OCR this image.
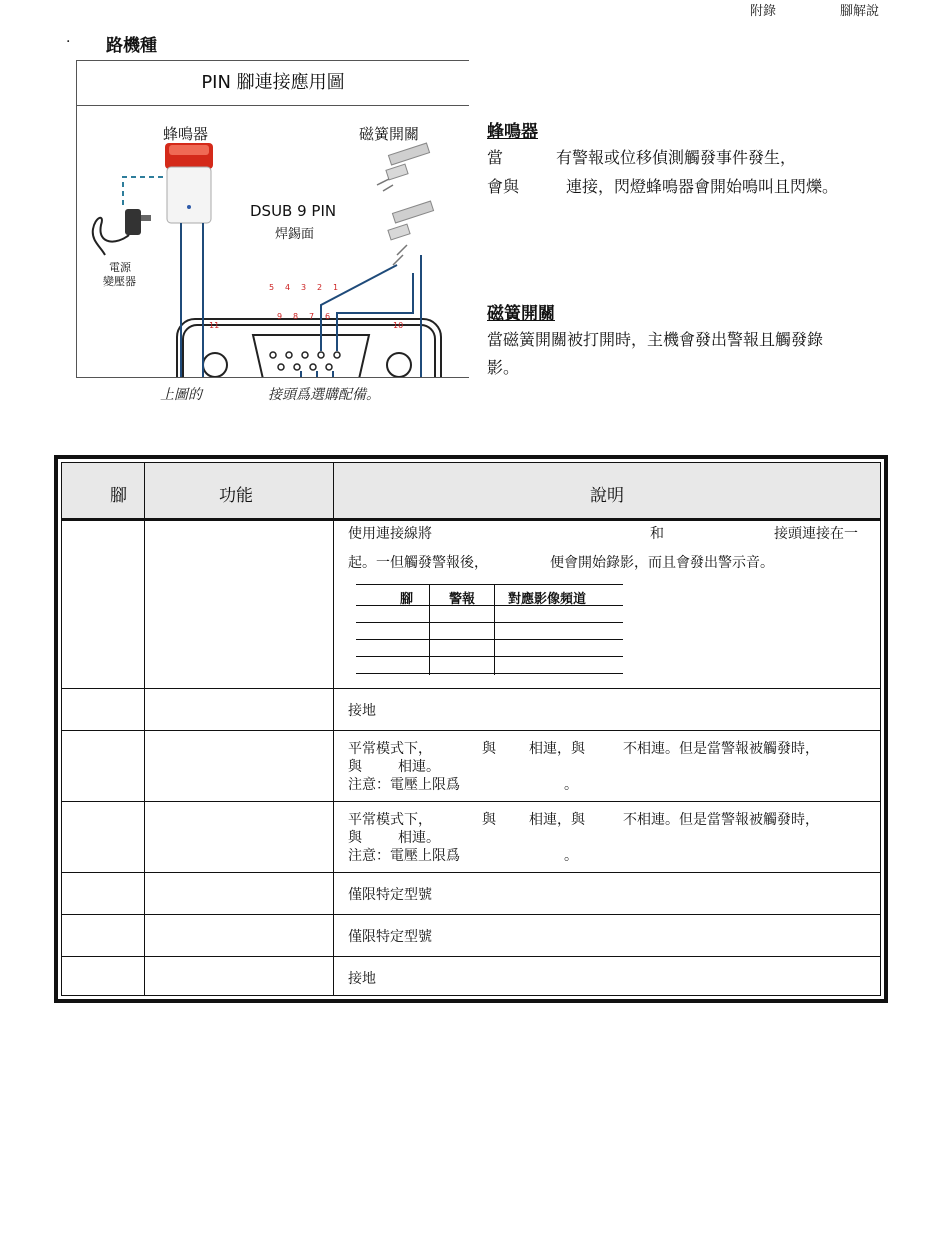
附錄	腳解說
· 路機種
PIN 腳連接應用圖
蜂鳴器	磁簧開關
電源
變壓器
DSUB 9 PIN
焊錫面
5 4 3 2 1
9 8 7 6
11	10
上圖的	接頭爲選購配備。
蜂鳴器
當	有警報或位移偵測觸發事件發生，
會與	連接，閃燈蜂鳴器會開始鳴叫且閃爍。
磁簧開關
當磁簧開關被打開時，主機會發出警報且觸發錄
影。
腳	功能	說明
使用連接線將	和	接頭連接在一
起。一但觸發警報後，	便會開始錄影，而且會發出警示音。
腳	警報	對應影像頻道
接地
平常模式下，	與 相連，與	不相連。但是當警報被觸發時，
與	相連。
注意：電壓上限爲	。
平常模式下，	與 相連，與	不相連。但是當警報被觸發時，
與	相連。
注意：電壓上限爲	。
僅限特定型號
僅限特定型號
接地
